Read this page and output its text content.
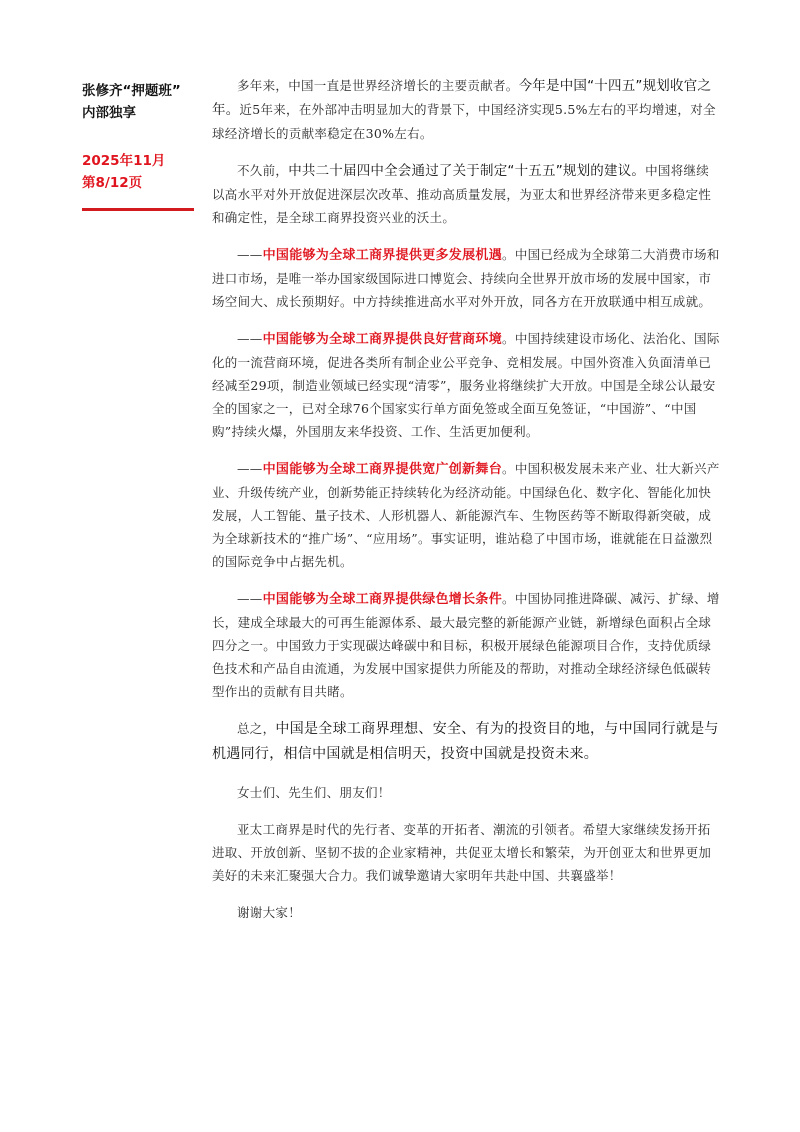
张修齐“押题班”
内部独享

2025年11月
第8/12页

多年来，中国一直是世界经济增长的主要贡献者。今年是中国“十四五”规划收官之年。近5年来，在外部冲击明显加大的背景下，中国经济实现5.5%左右的平均增速，对全球经济增长的贡献率稳定在30%左右。

不久前，中共二十届四中全会通过了关于制定“十五五”规划的建议。中国将继续以高水平对外开放促进深层次改革、推动高质量发展，为亚太和世界经济带来更多稳定性和确定性，是全球工商界投资兴业的沃土。

——中国能够为全球工商界提供更多发展机遇。中国已经成为全球第二大消费市场和进口市场，是唯一举办国家级国际进口博览会、持续向全世界开放市场的发展中国家，市场空间大、成长预期好。中方持续推进高水平对外开放，同各方在开放联通中相互成就。

——中国能够为全球工商界提供良好营商环境。中国持续建设市场化、法治化、国际化的一流营商环境，促进各类所有制企业公平竞争、竞相发展。中国外资准入负面清单已经减至29项，制造业领域已经实现“清零”，服务业将继续扩大开放。中国是全球公认最安全的国家之一，已对全球76个国家实行单方面免签或全面互免签证，“中国游”、“中国购”持续火爆，外国朋友来华投资、工作、生活更加便利。

——中国能够为全球工商界提供宽广创新舞台。中国积极发展未来产业、壮大新兴产业、升级传统产业，创新势能正持续转化为经济动能。中国绿色化、数字化、智能化加快发展，人工智能、量子技术、人形机器人、新能源汽车、生物医药等不断取得新突破，成为全球新技术的“推广场”、“应用场”。事实证明，谁站稳了中国市场，谁就能在日益激烈的国际竞争中占据先机。

——中国能够为全球工商界提供绿色增长条件。中国协同推进降碳、减污、扩绿、增长，建成全球最大的可再生能源体系、最大最完整的新能源产业链，新增绿色面积占全球四分之一。中国致力于实现碳达峰碳中和目标，积极开展绿色能源项目合作，支持优质绿色技术和产品自由流通，为发展中国家提供力所能及的帮助，对推动全球经济绿色低碳转型作出的贡献有目共睹。

总之，中国是全球工商界理想、安全、有为的投资目的地，与中国同行就是与机遇同行，相信中国就是相信明天，投资中国就是投资未来。

女士们、先生们、朋友们！

亚太工商界是时代的先行者、变革的开拓者、潮流的引领者。希望大家继续发扬开拓进取、开放创新、坚韧不拔的企业家精神，共促亚太增长和繁荣，为开创亚太和世界更加美好的未来汇聚强大合力。我们诚挚邀请大家明年共赴中国、共襄盛举！

谢谢大家！
